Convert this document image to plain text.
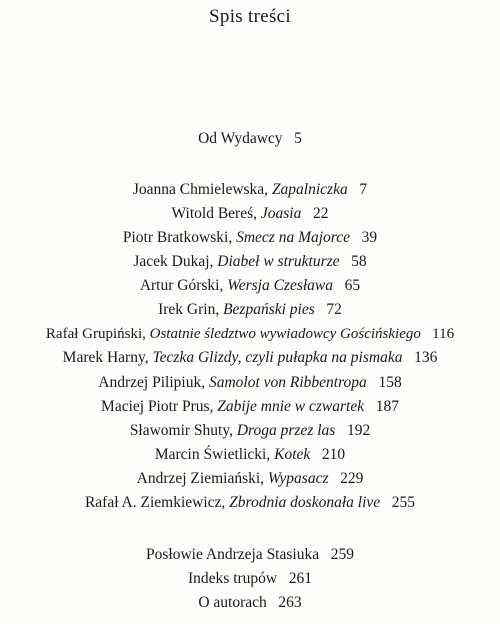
Spis treści
Od Wydawcy 5
Joanna Chmielewska, Zapalniczka 7
Witold Bereś, Joasia 22
Piotr Bratkowski, Smecz na Majorce 39
Jacek Dukaj, Diabeł w strukturze 58
Artur Górski, Wersja Czesława 65
Irek Grin, Bezpański pies 72
Rafał Grupiński, Ostatnie śledztwo wywiadowcy Gościńskiego 116
Marek Harny, Teczka Glizdy, czyli pułapka na pismaka 136
Andrzej Pilipiuk, Samolot von Ribbentropa 158
Maciej Piotr Prus, Zabije mnie w czwartek 187
Sławomir Shuty, Droga przez las 192
Marcin Świetlicki, Kotek 210
Andrzej Ziemiański, Wypasacz 229
Rafał A. Ziemkiewicz, Zbrodnia doskonała live 255
Posłowie Andrzeja Stasiuka 259
Indeks trupów 261
O autorach 263
